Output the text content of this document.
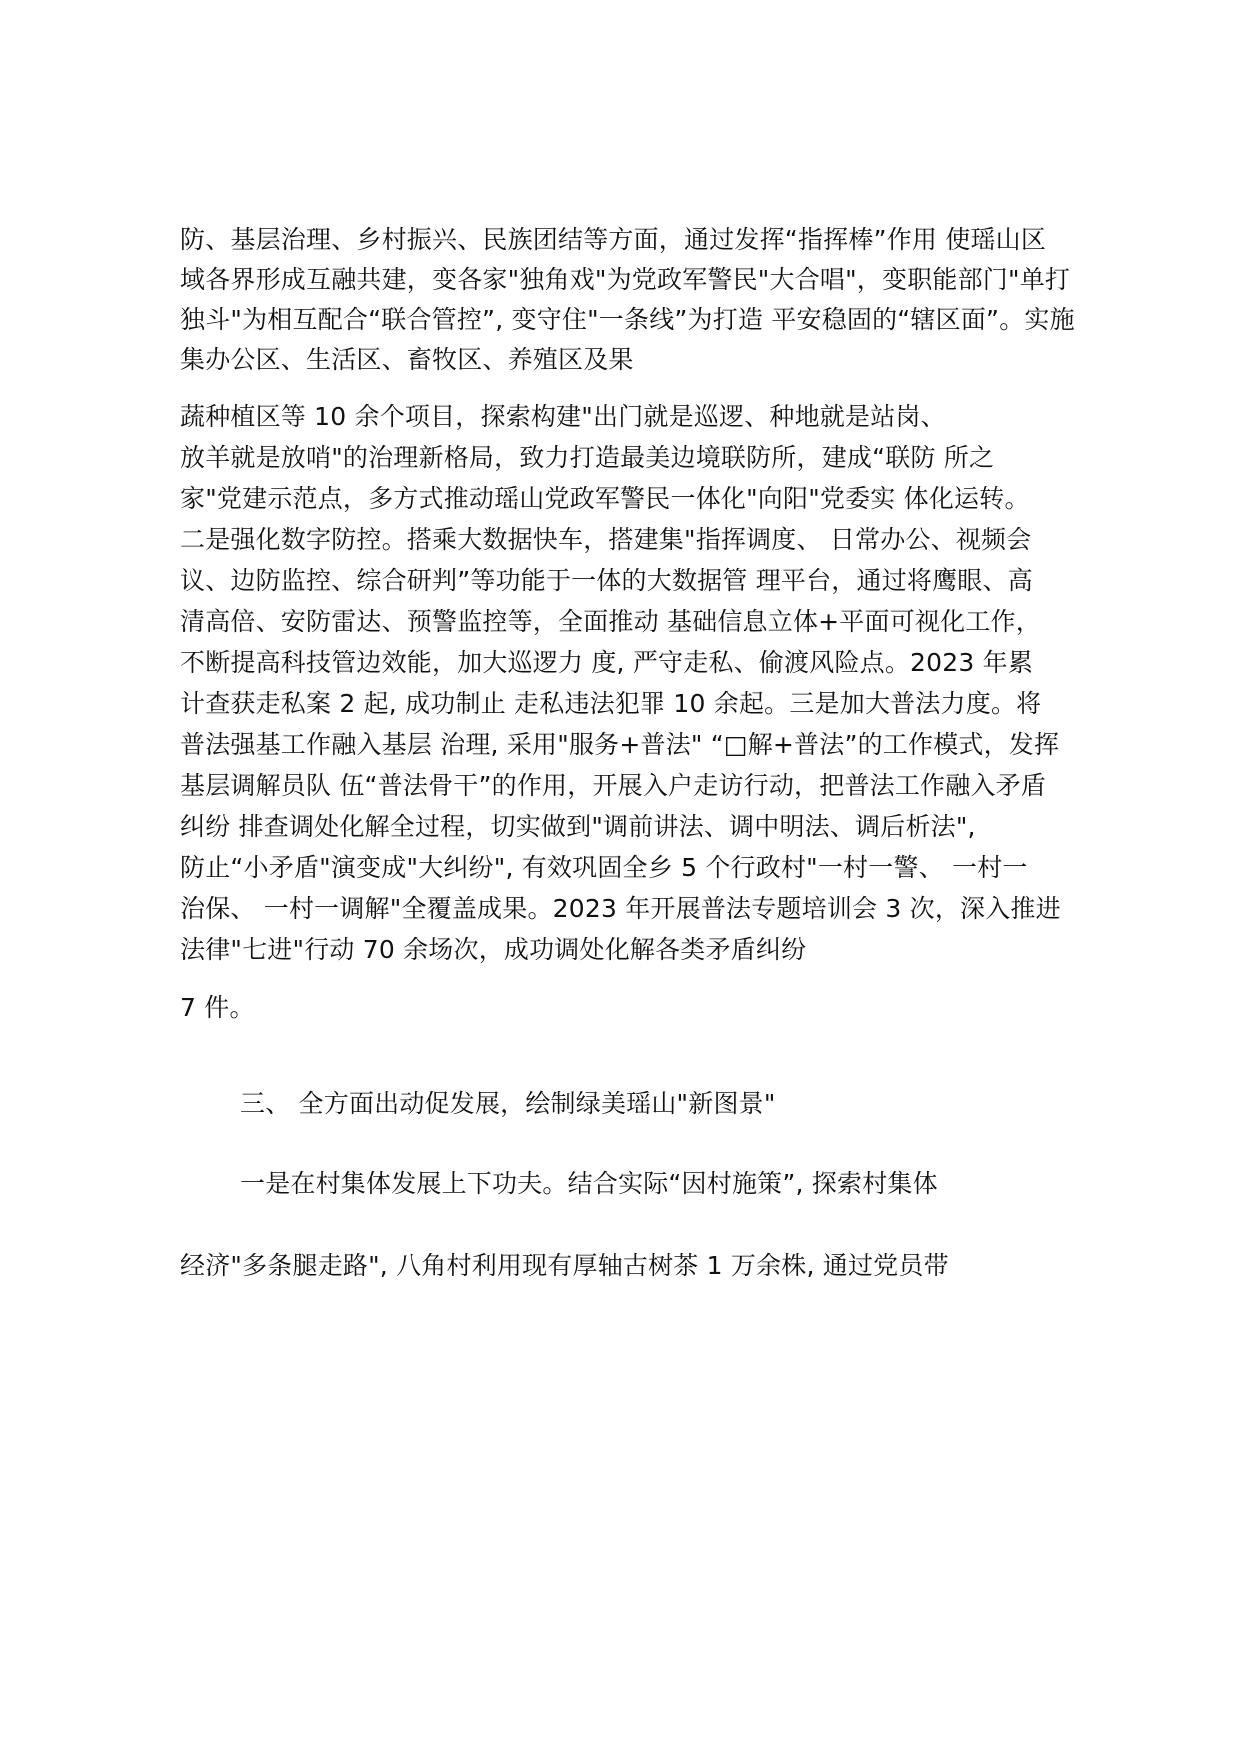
防、基层治理、乡村振兴、民族团结等方面，通过发挥“指挥棒”作用 使瑶山区
域各界形成互融共建，变各家"独角戏"为党政军警民"大合唱"，变职能部门"单打
独斗"为相互配合“联合管控”, 变守住"一条线”为打造 平安稳固的“辖区面”。实施
集办公区、生活区、畜牧区、养殖区及果
蔬种植区等 10 余个项目，探索构建"出门就是巡逻、种地就是站岗、
放羊就是放哨"的治理新格局，致力打造最美边境联防所，建成“联防 所之
家"党建示范点，多方式推动瑶山党政军警民一体化"向阳"党委实 体化运转。
二是强化数字防控。搭乘大数据快车，搭建集"指挥调度、 日常办公、视频会
议、边防监控、综合研判”等功能于一体的大数据管 理平台，通过将鹰眼、高
清高倍、安防雷达、预警监控等，全面推动 基础信息立体+平面可视化工作，
不断提高科技管边效能，加大巡逻力 度, 严守走私、偷渡风险点。2023 年累
计查获走私案 2 起, 成功制止 走私违法犯罪 10 余起。三是加大普法力度。将
普法强基工作融入基层 治理, 采用"服务+普法" “□解+普法”的工作模式，发挥
基层调解员队 伍“普法骨干”的作用，开展入户走访行动，把普法工作融入矛盾
纠纷 排查调处化解全过程，切实做到"调前讲法、调中明法、调后析法",
防止“小矛盾"演变成"大纠纷", 有效巩固全乡 5 个行政村"一村一警、 一村一
治保、 一村一调解"全覆盖成果。2023 年开展普法专题培训会 3 次，深入推进
法律"七进"行动 70 余场次，成功调处化解各类矛盾纠纷
7 件。
三、 全方面出动促发展，绘制绿美瑶山"新图景"
一是在村集体发展上下功夫。结合实际“因村施策”, 探索村集体
经济"多条腿走路", 八角村利用现有厚轴古树茶 1 万余株, 通过党员带
